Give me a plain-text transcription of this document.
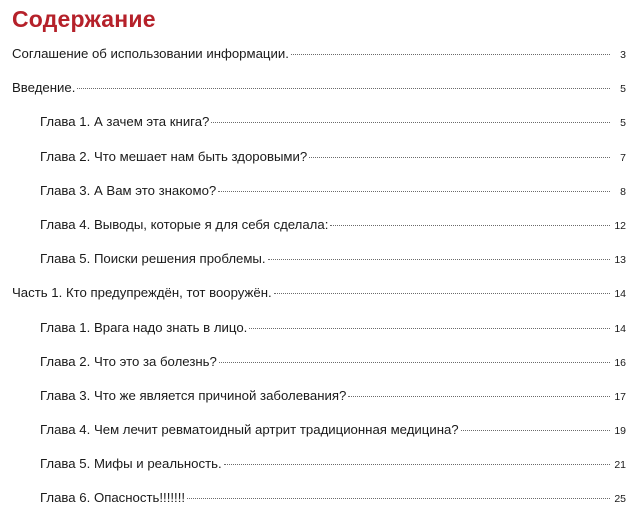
Содержание
Соглашение об использовании информации.	3
Введение.	5
Глава 1. А зачем эта книга?	5
Глава 2. Что мешает нам быть здоровыми?	7
Глава 3. А Вам это знакомо?	8
Глава 4. Выводы, которые я для себя сделала:	12
Глава 5. Поиски решения проблемы.	13
Часть 1. Кто предупреждён, тот вооружён.	14
Глава 1. Врага надо знать в лицо.	14
Глава 2. Что это за болезнь?	16
Глава 3. Что же является причиной заболевания?	17
Глава 4. Чем лечит ревматоидный артрит традиционная медицина?	19
Глава 5. Мифы и реальность.	21
Глава 6. Опасность!!!!!!!	25
